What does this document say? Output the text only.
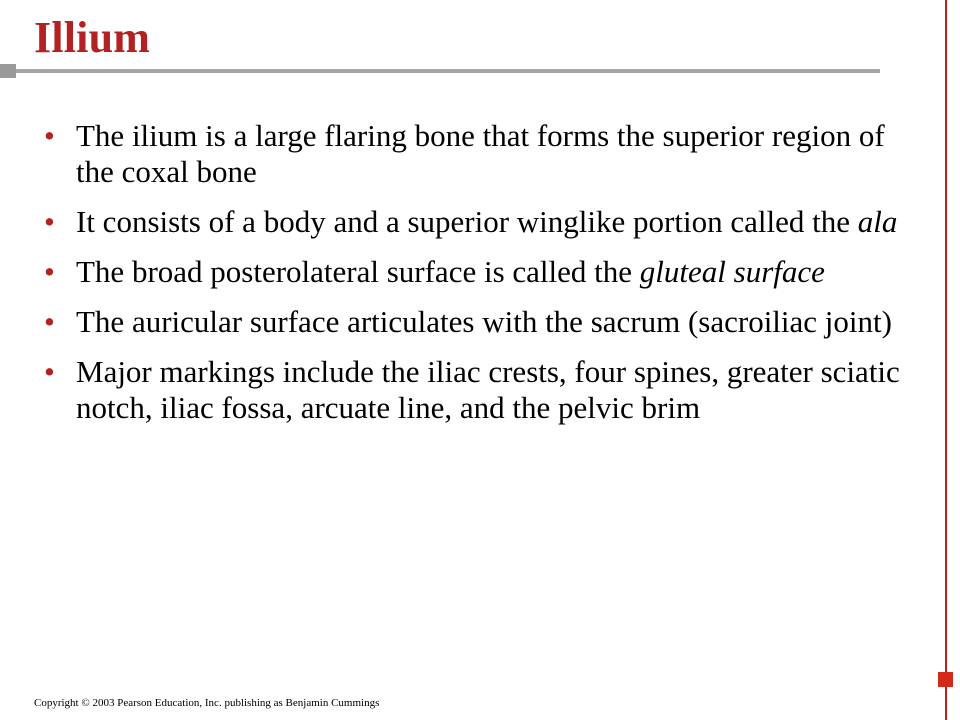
Illium
• The ilium is a large flaring bone that forms the superior region of the coxal bone
• It consists of a body and a superior winglike portion called the ala
• The broad posterolateral surface is called the gluteal surface
• The auricular surface articulates with the sacrum (sacroiliac joint)
• Major markings include the iliac crests, four spines, greater sciatic notch, iliac fossa, arcuate line, and the pelvic brim
Copyright © 2003 Pearson Education, Inc. publishing as Benjamin Cummings
